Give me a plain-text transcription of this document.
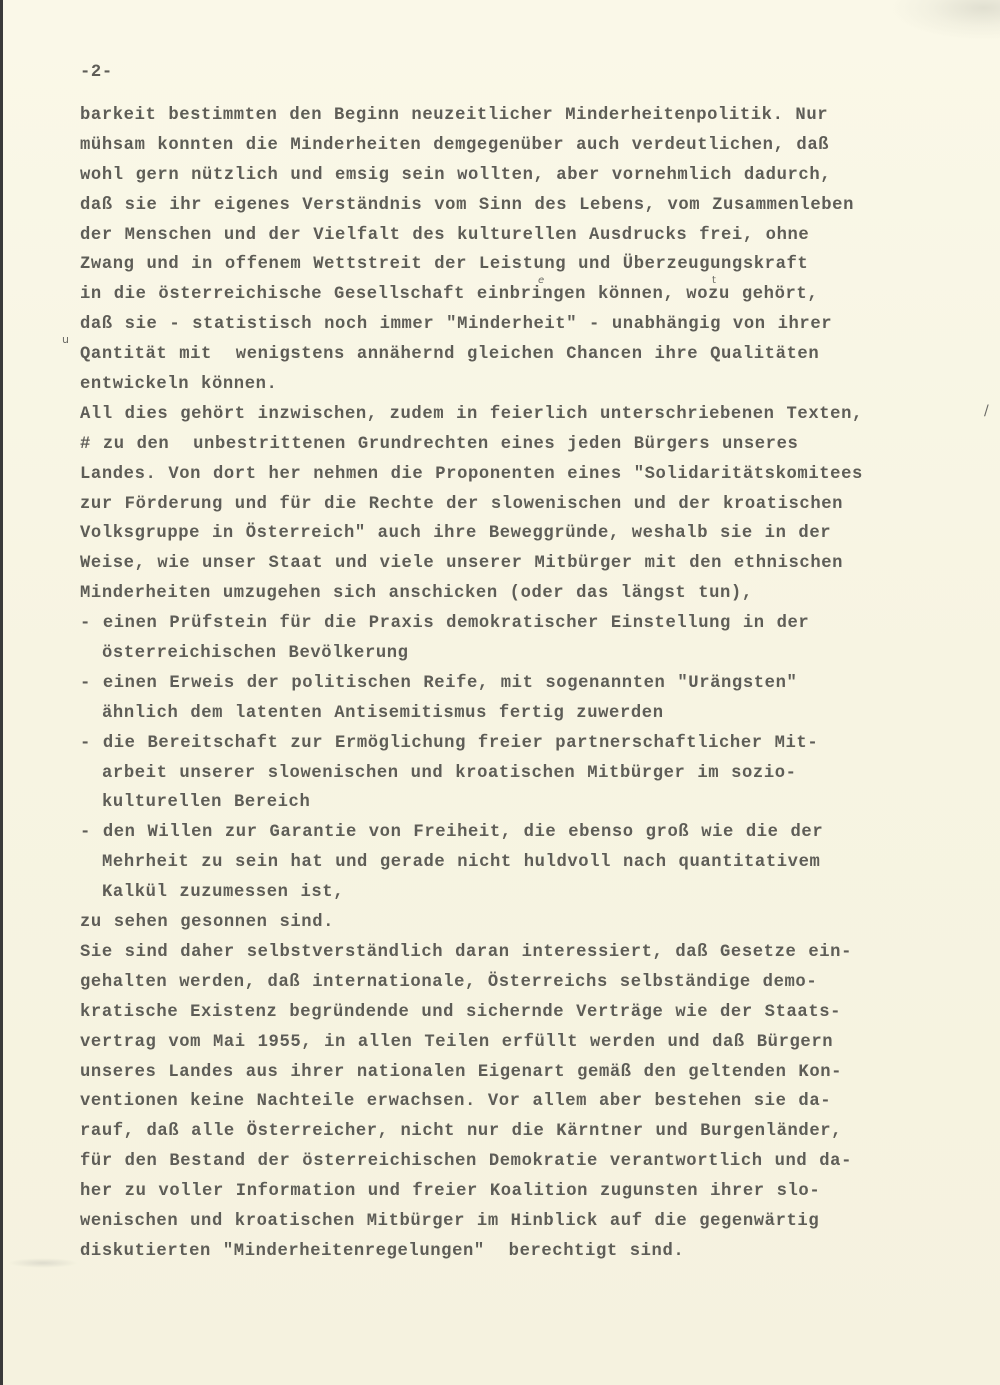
-2-
barkeit bestimmten den Beginn neuzeitlicher Minderheitenpolitik. Nur
mühsam konnten die Minderheiten demgegenüber auch verdeutlichen, daß
wohl gern nützlich und emsig sein wollten, aber vornehmlich dadurch,
daß sie ihr eigenes Verständnis vom Sinn des Lebens, vom Zusammenleben
der Menschen und der Vielfalt des kulturellen Ausdrucks frei, ohne
Zwang und in offenem Wettstreit der Leistung und Überzeugungskraft
in die österreichische Gesellschaft einbringen können, wozu gehört,
daß sie - statistisch noch immer "Minderheit" - unabhängig von ihrer
Qantität mit  wenigstens annähernd gleichen Chancen ihre Qualitäten
entwickeln können.
All dies gehört inzwischen, zudem in feierlich unterschriebenen Texten,
# zu den  unbestrittenen Grundrechten eines jeden Bürgers unseres
Landes. Von dort her nehmen die Proponenten eines "Solidaritätskomitees
zur Förderung und für die Rechte der slowenischen und der kroatischen
Volksgruppe in Österreich" auch ihre Beweggründe, weshalb sie in der
Weise, wie unser Staat und viele unserer Mitbürger mit den ethnischen
Minderheiten umzugehen sich anschicken (oder das längst tun),
- einen Prüfstein für die Praxis demokratischer Einstellung in der
österreichischen Bevölkerung
- einen Erweis der politischen Reife, mit sogenannten "Urängsten"
ähnlich dem latenten Antisemitismus fertig zuwerden
- die Bereitschaft zur Ermöglichung freier partnerschaftlicher Mit-
arbeit unserer slowenischen und kroatischen Mitbürger im sozio-
kulturellen Bereich
- den Willen zur Garantie von Freiheit, die ebenso groß wie die der
Mehrheit zu sein hat und gerade nicht huldvoll nach quantitativem
Kalkül zuzumessen ist,
zu sehen gesonnen sind.
Sie sind daher selbstverständlich daran interessiert, daß Gesetze ein-
gehalten werden, daß internationale, Österreichs selbständige demo-
kratische Existenz begründende und sichernde Verträge wie der Staats-
vertrag vom Mai 1955, in allen Teilen erfüllt werden und daß Bürgern
unseres Landes aus ihrer nationalen Eigenart gemäß den geltenden Kon-
ventionen keine Nachteile erwachsen. Vor allem aber bestehen sie da-
rauf, daß alle Österreicher, nicht nur die Kärntner und Burgenländer,
für den Bestand der österreichischen Demokratie verantwortlich und da-
her zu voller Information und freier Koalition zugunsten ihrer slo-
wenischen und kroatischen Mitbürger im Hinblick auf die gegenwärtig
diskutierten "Minderheitenregelungen"  berechtigt sind.
u
/
e	t
